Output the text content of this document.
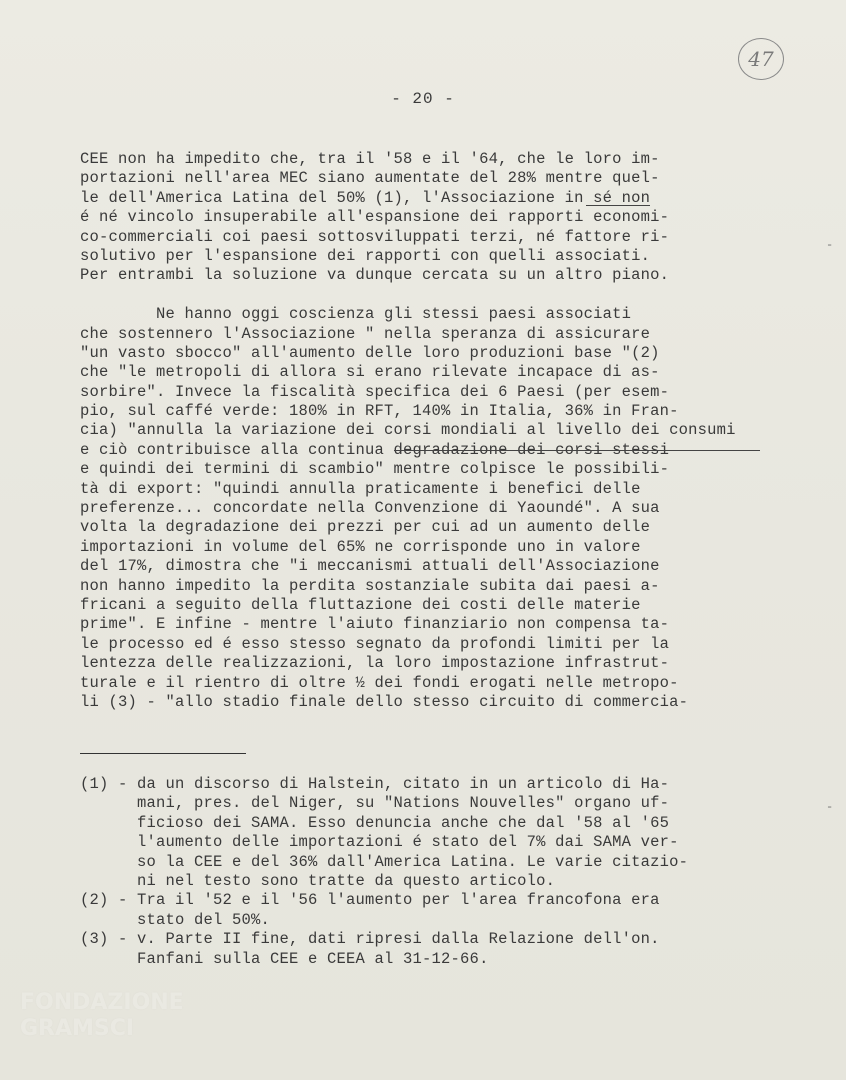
47
- 20 -
CEE non ha impedito che, tra il '58 e il '64, che le loro im-
portazioni nell'area MEC siano aumentate del 28% mentre quel-
le dell'America Latina del 50% (1), l'Associazione in sé non
é né vincolo insuperabile all'espansione dei rapporti economi-
co-commerciali coi paesi sottosviluppati terzi, né fattore ri-
solutivo per l'espansione dei rapporti con quelli associati.
Per entrambi la soluzione va dunque cercata su un altro piano.
Ne hanno oggi coscienza gli stessi paesi associati
che sostennero l'Associazione " nella speranza di assicurare
"un vasto sbocco" all'aumento delle loro produzioni base "(2)
che "le metropoli di allora si erano rilevate incapace di as-
sorbire". Invece la fiscalità specifica dei 6 Paesi (per esem-
pio, sul caffé verde: 180% in RFT, 140% in Italia, 36% in Fran-
cia) "annulla la variazione dei corsi mondiali al livello dei consumi
e ciò contribuisce alla continua degradazione dei corsi stessi
e quindi dei termini di scambio" mentre colpisce le possibili-
tà di export: "quindi annulla praticamente i benefici delle
preferenze... concordate nella Convenzione di Yaoundé". A sua
volta la degradazione dei prezzi per cui ad un aumento delle
importazioni in volume del 65% ne corrisponde uno in valore
del 17%, dimostra che "i meccanismi attuali dell'Associazione
non hanno impedito la perdita sostanziale subita dai paesi a-
fricani a seguito della fluttazione dei costi delle materie
prime". E infine - mentre l'aiuto finanziario non compensa ta-
le processo ed é esso stesso segnato da profondi limiti per la
lentezza delle realizzazioni, la loro impostazione infrastrut-
turale e il rientro di oltre ½ dei fondi erogati nelle metropo-
li (3) - "allo stadio finale dello stesso circuito di commercia-
(1) - da un discorso di Halstein, citato in un articolo di Ha-
mani, pres. del Niger, su "Nations Nouvelles" organo uf-
ficioso dei SAMA. Esso denuncia anche che dal '58 al '65
l'aumento delle importazioni é stato del 7% dai SAMA ver-
so la CEE e del 36% dall'America Latina. Le varie citazio-
ni nel testo sono tratte da questo articolo.
(2) - Tra il '52 e il '56 l'aumento per l'area francofona era
stato del 50%.
(3) - v. Parte II fine, dati ripresi dalla Relazione dell'on.
Fanfani sulla CEE e CEEA al 31-12-66.
-
-
FONDAZIONE
GRAMSCI
